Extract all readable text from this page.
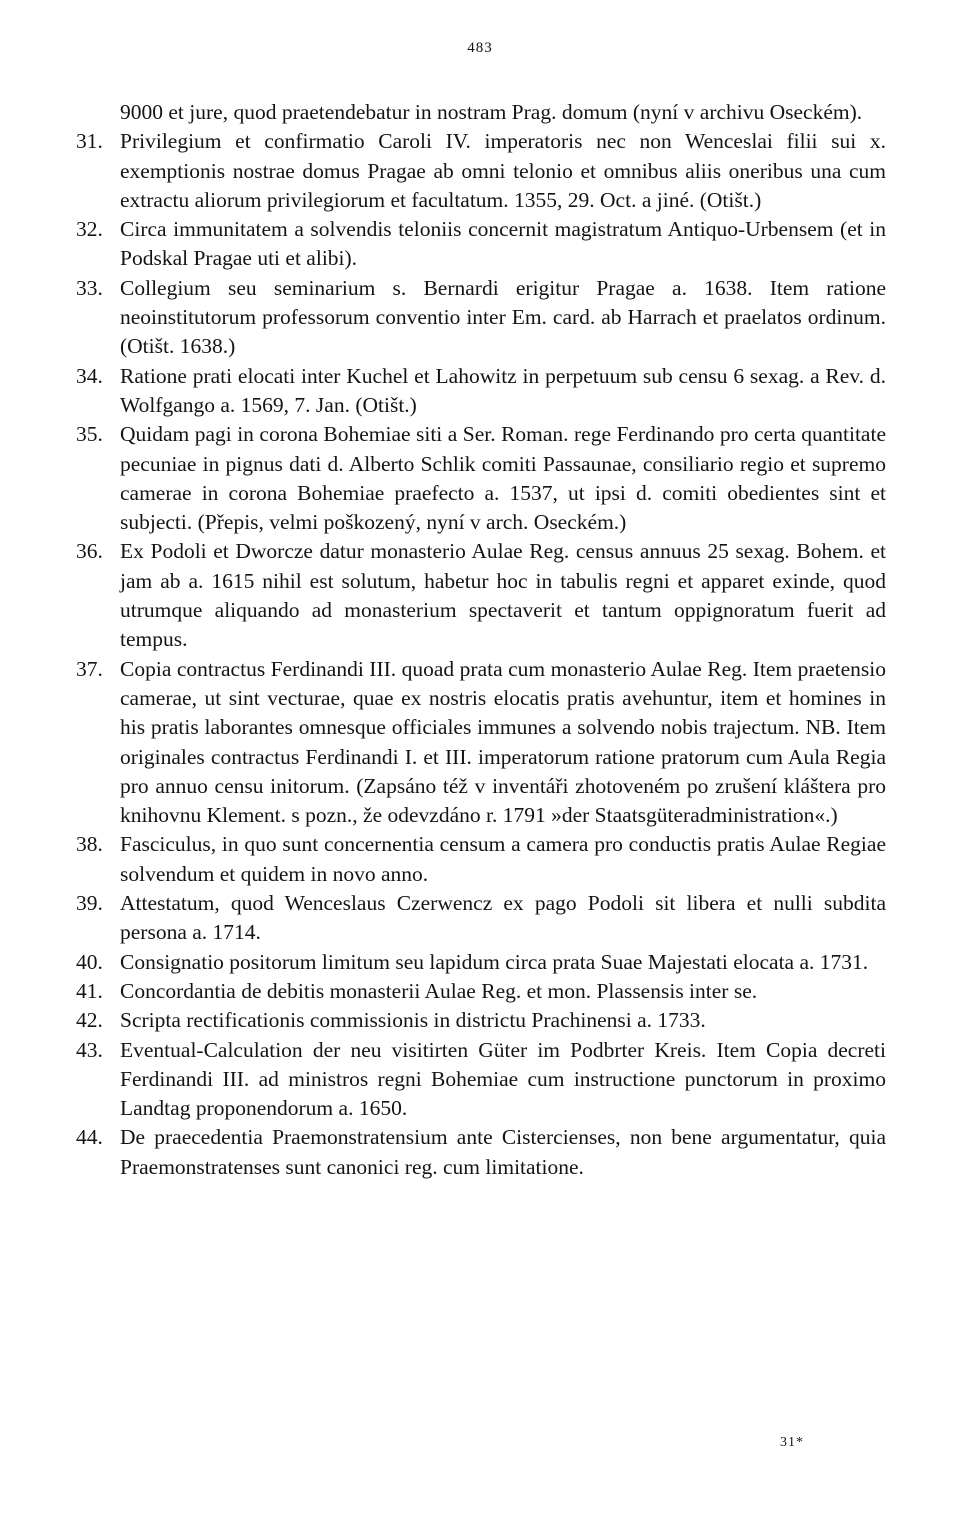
483
9000 et jure, quod praetendebatur in nostram Prag. domum (nyní v archivu Oseckém).
31. Privilegium et confirmatio Caroli IV. imperatoris nec non Wenceslai filii sui x. exemptionis nostrae domus Pragae ab omni telonio et omnibus aliis oneribus una cum extractu aliorum privilegiorum et facultatum. 1355, 29. Oct. a jiné. (Otišt.)
32. Circa immunitatem a solvendis teloniis concernit magistratum Antiquo-Urbensem (et in Podskal Pragae uti et alibi).
33. Collegium seu seminarium s. Bernardi erigitur Pragae a. 1638. Item ratione neoinstitutorum professorum conventio inter Em. card. ab Harrach et praelatos ordinum. (Otišt. 1638.)
34. Ratione prati elocati inter Kuchel et Lahowitz in perpetuum sub censu 6 sexag. a Rev. d. Wolfgango a. 1569, 7. Jan. (Otišt.)
35. Quidam pagi in corona Bohemiae siti a Ser. Roman. rege Ferdinando pro certa quantitate pecuniae in pignus dati d. Alberto Schlik comiti Passaunae, consiliario regio et supremo camerae in corona Bohemiae praefecto a. 1537, ut ipsi d. comiti obedientes sint et subjecti. (Přepis, velmi poškozený, nyní v arch. Oseckém.)
36. Ex Podoli et Dworcze datur monasterio Aulae Reg. census annuus 25 sexag. Bohem. et jam ab a. 1615 nihil est solutum, habetur hoc in tabulis regni et apparet exinde, quod utrumque aliquando ad monasterium spectaverit et tantum oppignoratum fuerit ad tempus.
37. Copia contractus Ferdinandi III. quoad prata cum monasterio Aulae Reg. Item praetensio camerae, ut sint vecturae, quae ex nostris elocatis pratis avehuntur, item et homines in his pratis laborantes omnesque officiales immunes a solvendo nobis trajectum. NB. Item originales contractus Ferdinandi I. et III. imperatorum ratione pratorum cum Aula Regia pro annuo censu initorum. (Zapsáno též v inventáři zhotoveném po zrušení kláštera pro knihovnu Klement. s pozn., že odevzdáno r. 1791 »der Staatsgüteradministration«.)
38. Fasciculus, in quo sunt concernentia censum a camera pro conductis pratis Aulae Regiae solvendum et quidem in novo anno.
39. Attestatum, quod Wenceslaus Czerwencz ex pago Podoli sit libera et nulli subdita persona a. 1714.
40. Consignatio positorum limitum seu lapidum circa prata Suae Majestati elocata a. 1731.
41. Concordantia de debitis monasterii Aulae Reg. et mon. Plassensis inter se.
42. Scripta rectificationis commissionis in districtu Prachinensi a. 1733.
43. Eventual-Calculation der neu visitirten Güter im Podbrter Kreis. Item Copia decreti Ferdinandi III. ad ministros regni Bohemiae cum instructione punctorum in proximo Landtag proponendorum a. 1650.
44. De praecedentia Praemonstratensium ante Cistercienses, non bene argumentatur, quia Praemonstratenses sunt canonici reg. cum limitatione.
31*
